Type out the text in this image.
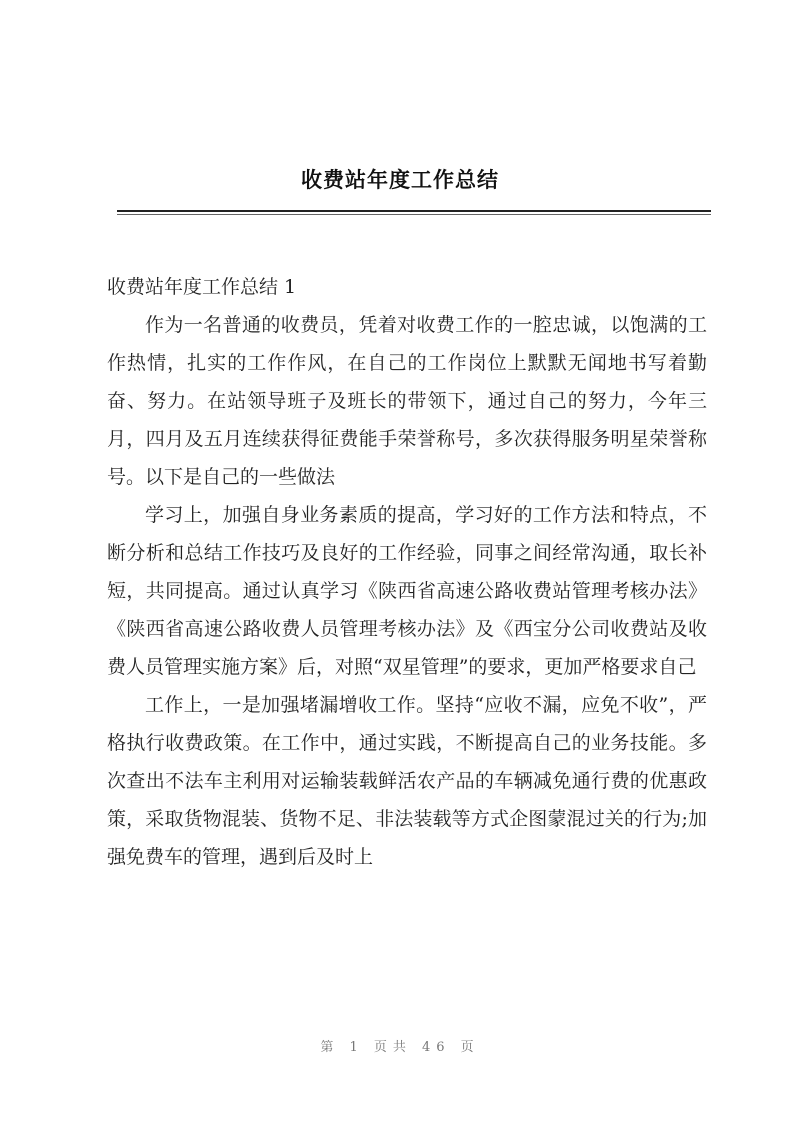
收费站年度工作总结

收费站年度工作总结 1

作为一名普通的收费员，凭着对收费工作的一腔忠诚，以饱满的工作热情，扎实的工作作风，在自己的工作岗位上默默无闻地书写着勤奋、努力。在站领导班子及班长的带领下，通过自己的努力，今年三月，四月及五月连续获得征费能手荣誉称号，多次获得服务明星荣誉称号。以下是自己的一些做法

学习上，加强自身业务素质的提高，学习好的工作方法和特点，不断分析和总结工作技巧及良好的工作经验，同事之间经常沟通，取长补短，共同提高。通过认真学习《陕西省高速公路收费站管理考核办法》《陕西省高速公路收费人员管理考核办法》及《西宝分公司收费站及收费人员管理实施方案》后，对照“双星管理”的要求，更加严格要求自己

工作上，一是加强堵漏增收工作。坚持“应收不漏，应免不收”，严格执行收费政策。在工作中，通过实践，不断提高自己的业务技能。多次查出不法车主利用对运输装载鲜活农产品的车辆减免通行费的优惠政策，采取货物混装、货物不足、非法装载等方式企图蒙混过关的行为;加强免费车的管理，遇到后及时上

第 1 页共 46 页
